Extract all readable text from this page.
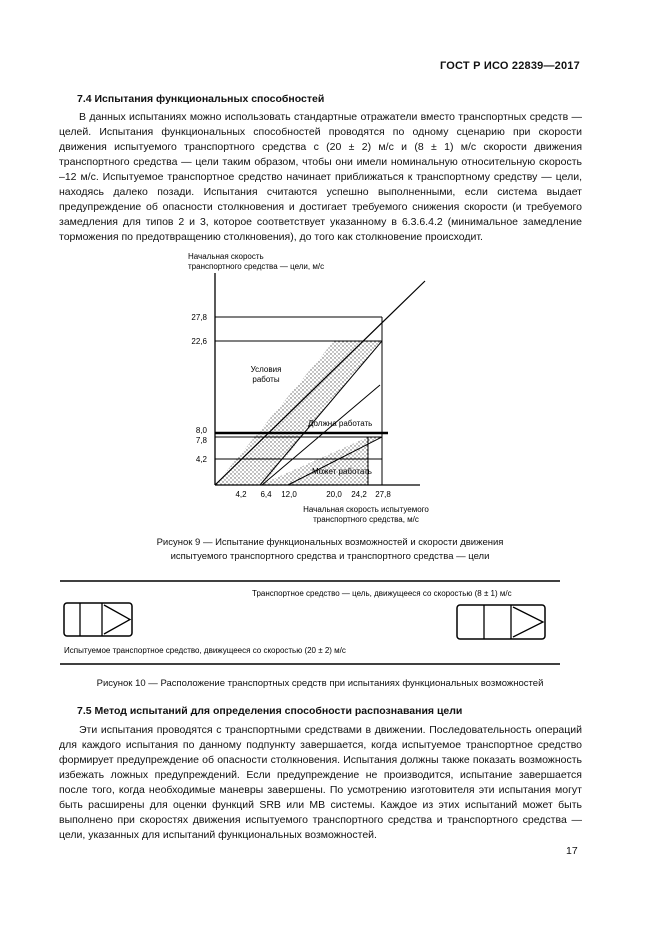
ГОСТ Р ИСО 22839—2017
7.4 Испытания функциональных способностей
В данных испытаниях можно использовать стандартные отражатели вместо транспортных средств — целей. Испытания функциональных способностей проводятся по одному сценарию при скорости движения испытуемого транспортного средства с (20 ± 2) м/с и (8 ± 1) м/с скорости движения транспортного средства — цели таким образом, чтобы они имели номинальную относительную скорость –12 м/с. Испытуемое транспортное средство начинает приближаться к транспортному средству — цели, находясь далеко позади. Испытания считаются успешно выполненными, если система выдает предупреждение об опасности столкновения и достигает требуемого снижения скорости (и требуемого замедления для типов 2 и 3, которое соответствует указанному в 6.3.6.4.2 (минимальное замедление торможения по предотвращению столкновения), до того как столкновение происходит.
Начальная скорость
транспортного средства — цели, м/с
27,8
22,6
8,0
7,8
4,2
4,2 6,4 12,0	20,0 24,2 27,8
Условия
работы
Должна работать
Может работать
Начальная скорость испытуемого
транспортного средства, м/с
Рисунок 9 — Испытание функциональных возможностей и скорости движения
испытуемого транспортного средства и транспортного средства — цели
Транспортное средство — цель, движущееся со скоростью (8 ± 1) м/с
Испытуемое транспортное средство, движущееся со скоростью (20 ± 2) м/с
Рисунок 10 — Расположение транспортных средств при испытаниях функциональных возможностей
7.5 Метод испытаний для определения способности распознавания цели
Эти испытания проводятся с транспортными средствами в движении. Последовательность операций для каждого испытания по данному подпункту завершается, когда испытуемое транспортное средство формирует предупреждение об опасности столкновения. Испытания должны также показать возможность избежать ложных предупреждений. Если предупреждение не производится, испытание завершается после того, когда необходимые маневры завершены. По усмотрению изготовителя эти испытания могут быть расширены для оценки функций SRB или MB системы. Каждое из этих испытаний может быть выполнено при скоростях движения испытуемого транспортного средства и транспортного средства — цели, указанных для испытаний функциональных возможностей.
17
